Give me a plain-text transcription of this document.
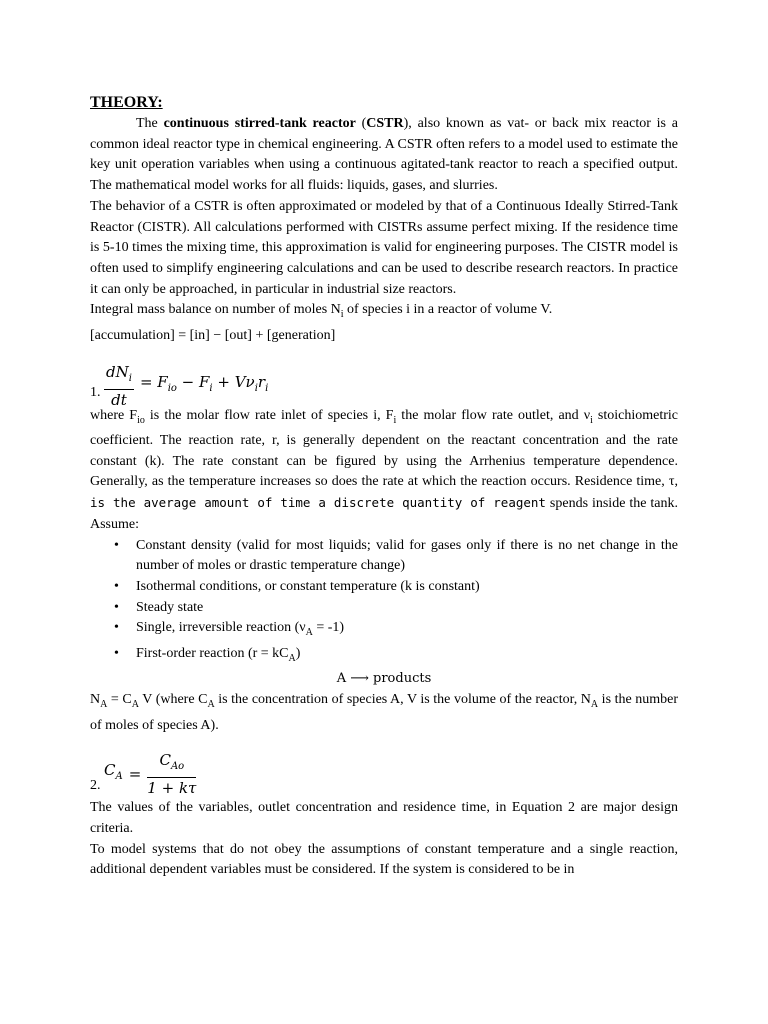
THEORY:

The continuous stirred-tank reactor (CSTR), also known as vat- or back mix reactor is a common ideal reactor type in chemical engineering. A CSTR often refers to a model used to estimate the key unit operation variables when using a continuous agitated-tank reactor to reach a specified output. The mathematical model works for all fluids: liquids, gases, and slurries.

The behavior of a CSTR is often approximated or modeled by that of a Continuous Ideally Stirred-Tank Reactor (CISTR). All calculations performed with CISTRs assume perfect mixing. If the residence time is 5-10 times the mixing time, this approximation is valid for engineering purposes. The CISTR model is often used to simplify engineering calculations and can be used to describe research reactors. In practice it can only be approached, in particular in industrial size reactors.

Integral mass balance on number of moles $N_i$ of species i in a reactor of volume V.

[accumulation] = [in] − [out] + [generation]

1. $\frac{dN_i}{dt} = F_{io} - F_i + V\nu_ir_i$

where $F_{io}$ is the molar flow rate inlet of species i, $F_i$ the molar flow rate outlet, and $\nu_i$ stoichiometric coefficient. The reaction rate, r, is generally dependent on the reactant concentration and the rate constant (k). The rate constant can be figured by using the Arrhenius temperature dependence. Generally, as the temperature increases so does the rate at which the reaction occurs. Residence time, τ, is the average amount of time a discrete quantity of reagent spends inside the tank. Assume:

• Constant density (valid for most liquids; valid for gases only if there is no net change in the number of moles or drastic temperature change)
• Isothermal conditions, or constant temperature (k is constant)
• Steady state
• Single, irreversible reaction $(\nu_A = -1)$
• First-order reaction $(r = kC_A)$

A ⟶ products

$N_A = C_A$ V (where $C_A$ is the concentration of species A, V is the volume of the reactor, $N_A$ is the number of moles of species A).

2.
$C_A = \frac{C_{Ao}}{1 + k\tau}$

The values of the variables, outlet concentration and residence time, in Equation 2 are major design criteria.

To model systems that do not obey the assumptions of constant temperature and a single reaction, additional dependent variables must be considered. If the system is considered to be in
